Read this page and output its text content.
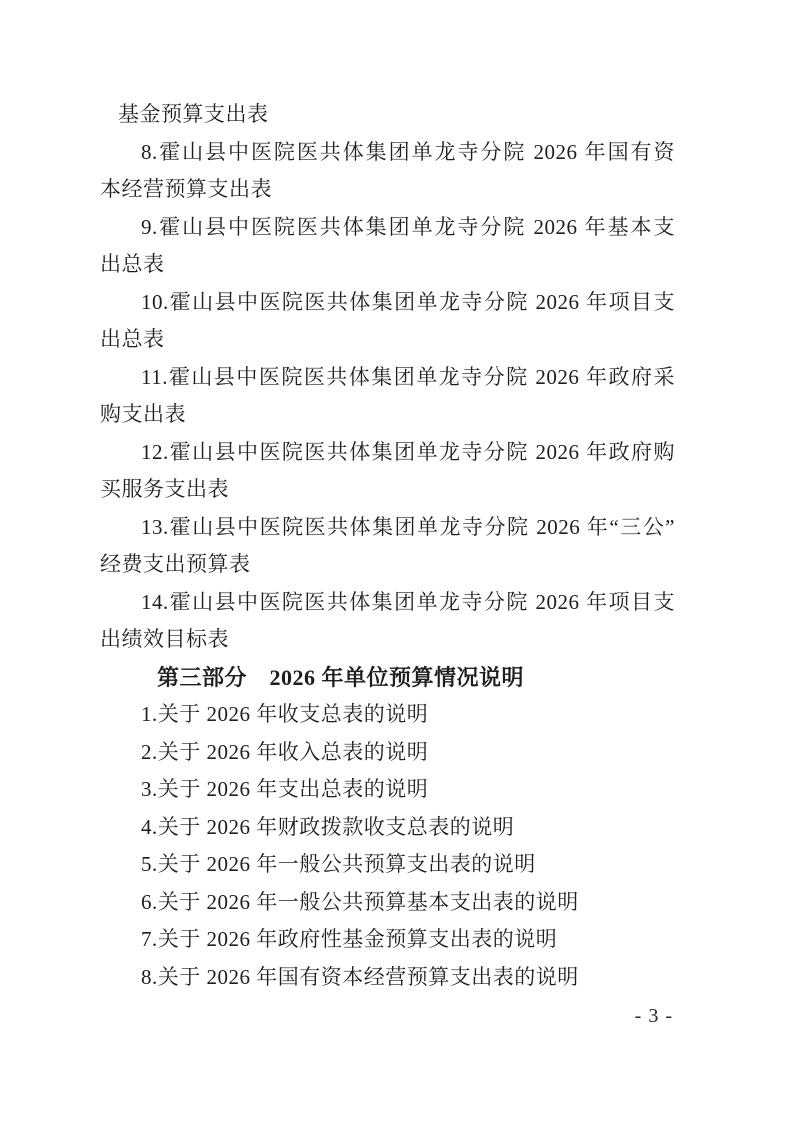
基金预算支出表
8.霍山县中医院医共体集团单龙寺分院 2026 年国有资
本经营预算支出表
9.霍山县中医院医共体集团单龙寺分院 2026 年基本支
出总表
10.霍山县中医院医共体集团单龙寺分院 2026 年项目支
出总表
11.霍山县中医院医共体集团单龙寺分院 2026 年政府采
购支出表
12.霍山县中医院医共体集团单龙寺分院 2026 年政府购
买服务支出表
13.霍山县中医院医共体集团单龙寺分院 2026 年“三公”
经费支出预算表
14.霍山县中医院医共体集团单龙寺分院 2026 年项目支
出绩效目标表
第三部分　2026 年单位预算情况说明
1.关于 2026 年收支总表的说明
2.关于 2026 年收入总表的说明
3.关于 2026 年支出总表的说明
4.关于 2026 年财政拨款收支总表的说明
5.关于 2026 年一般公共预算支出表的说明
6.关于 2026 年一般公共预算基本支出表的说明
7.关于 2026 年政府性基金预算支出表的说明
8.关于 2026 年国有资本经营预算支出表的说明
- 3 -
